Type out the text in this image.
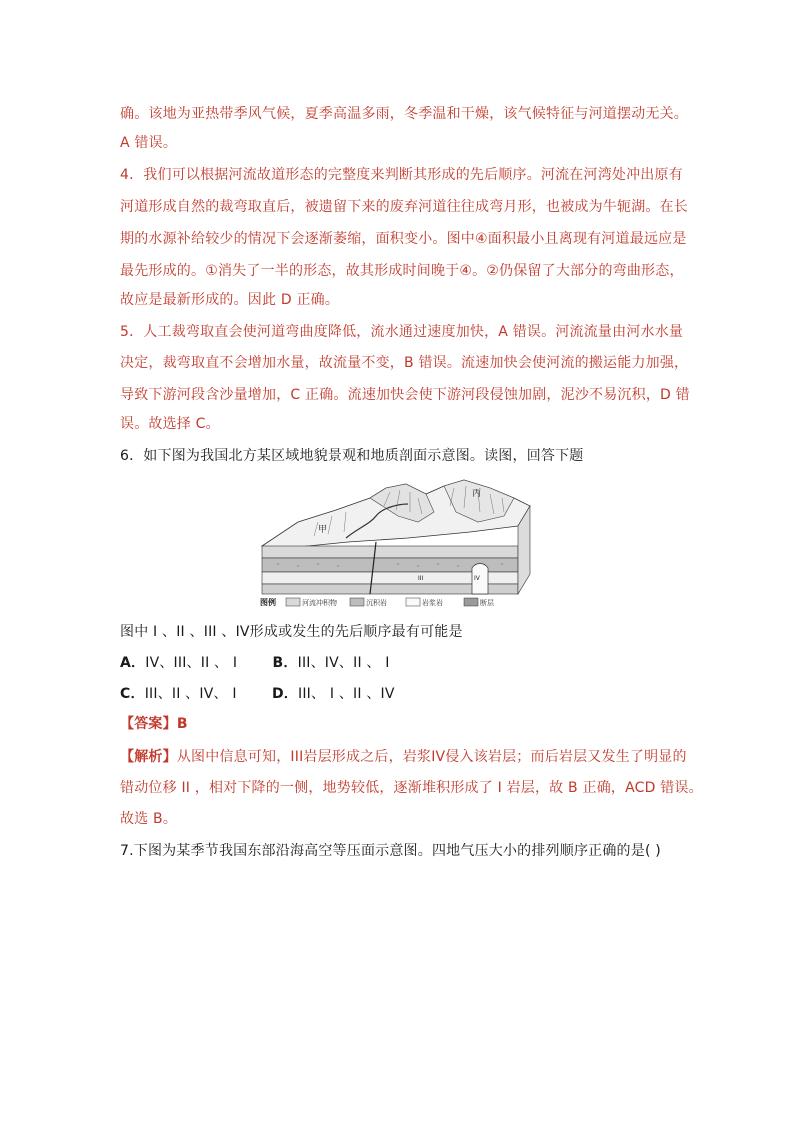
确。该地为亚热带季风气候，夏季高温多雨，冬季温和干燥，该气候特征与河道摆动无关。
A 错误。
4．我们可以根据河流故道形态的完整度来判断其形成的先后顺序。河流在河湾处冲出原有
河道形成自然的裁弯取直后，被遗留下来的废弃河道往往成弯月形，也被成为牛轭湖。在长
期的水源补给较少的情况下会逐渐萎缩，面积变小。图中④面积最小且离现有河道最远应是
最先形成的。①消失了一半的形态，故其形成时间晚于④。②仍保留了大部分的弯曲形态，
故应是最新形成的。因此 D 正确。
5．人工裁弯取直会使河道弯曲度降低，流水通过速度加快，A 错误。河流流量由河水水量
决定，裁弯取直不会增加水量，故流量不变，B 错误。流速加快会使河流的搬运能力加强，
导致下游河段含沙量增加，C 正确。流速加快会使下游河段侵蚀加剧，泥沙不易沉积，D 错
误。故选择 C。
6．如下图为我国北方某区域地貌景观和地质剖面示意图。读图，回答下题
甲
丙
III	IV
图例	河流冲积物	沉积岩	岩浆岩	断层
图中 I 、II 、III 、IV形成或发生的先后顺序最有可能是
A．IV、III、II 、 I	B．III、IV、II 、 I
C．III、II 、IV、 I	D．III、 I 、II 、IV
【答案】B
【解析】从图中信息可知，III岩层形成之后，岩浆IV侵入该岩层；而后岩层又发生了明显的
错动位移 II ，相对下降的一侧，地势较低，逐渐堆积形成了 I 岩层，故 B 正确，ACD 错误。
故选 B。
7.下图为某季节我国东部沿海高空等压面示意图。四地气压大小的排列顺序正确的是( )
